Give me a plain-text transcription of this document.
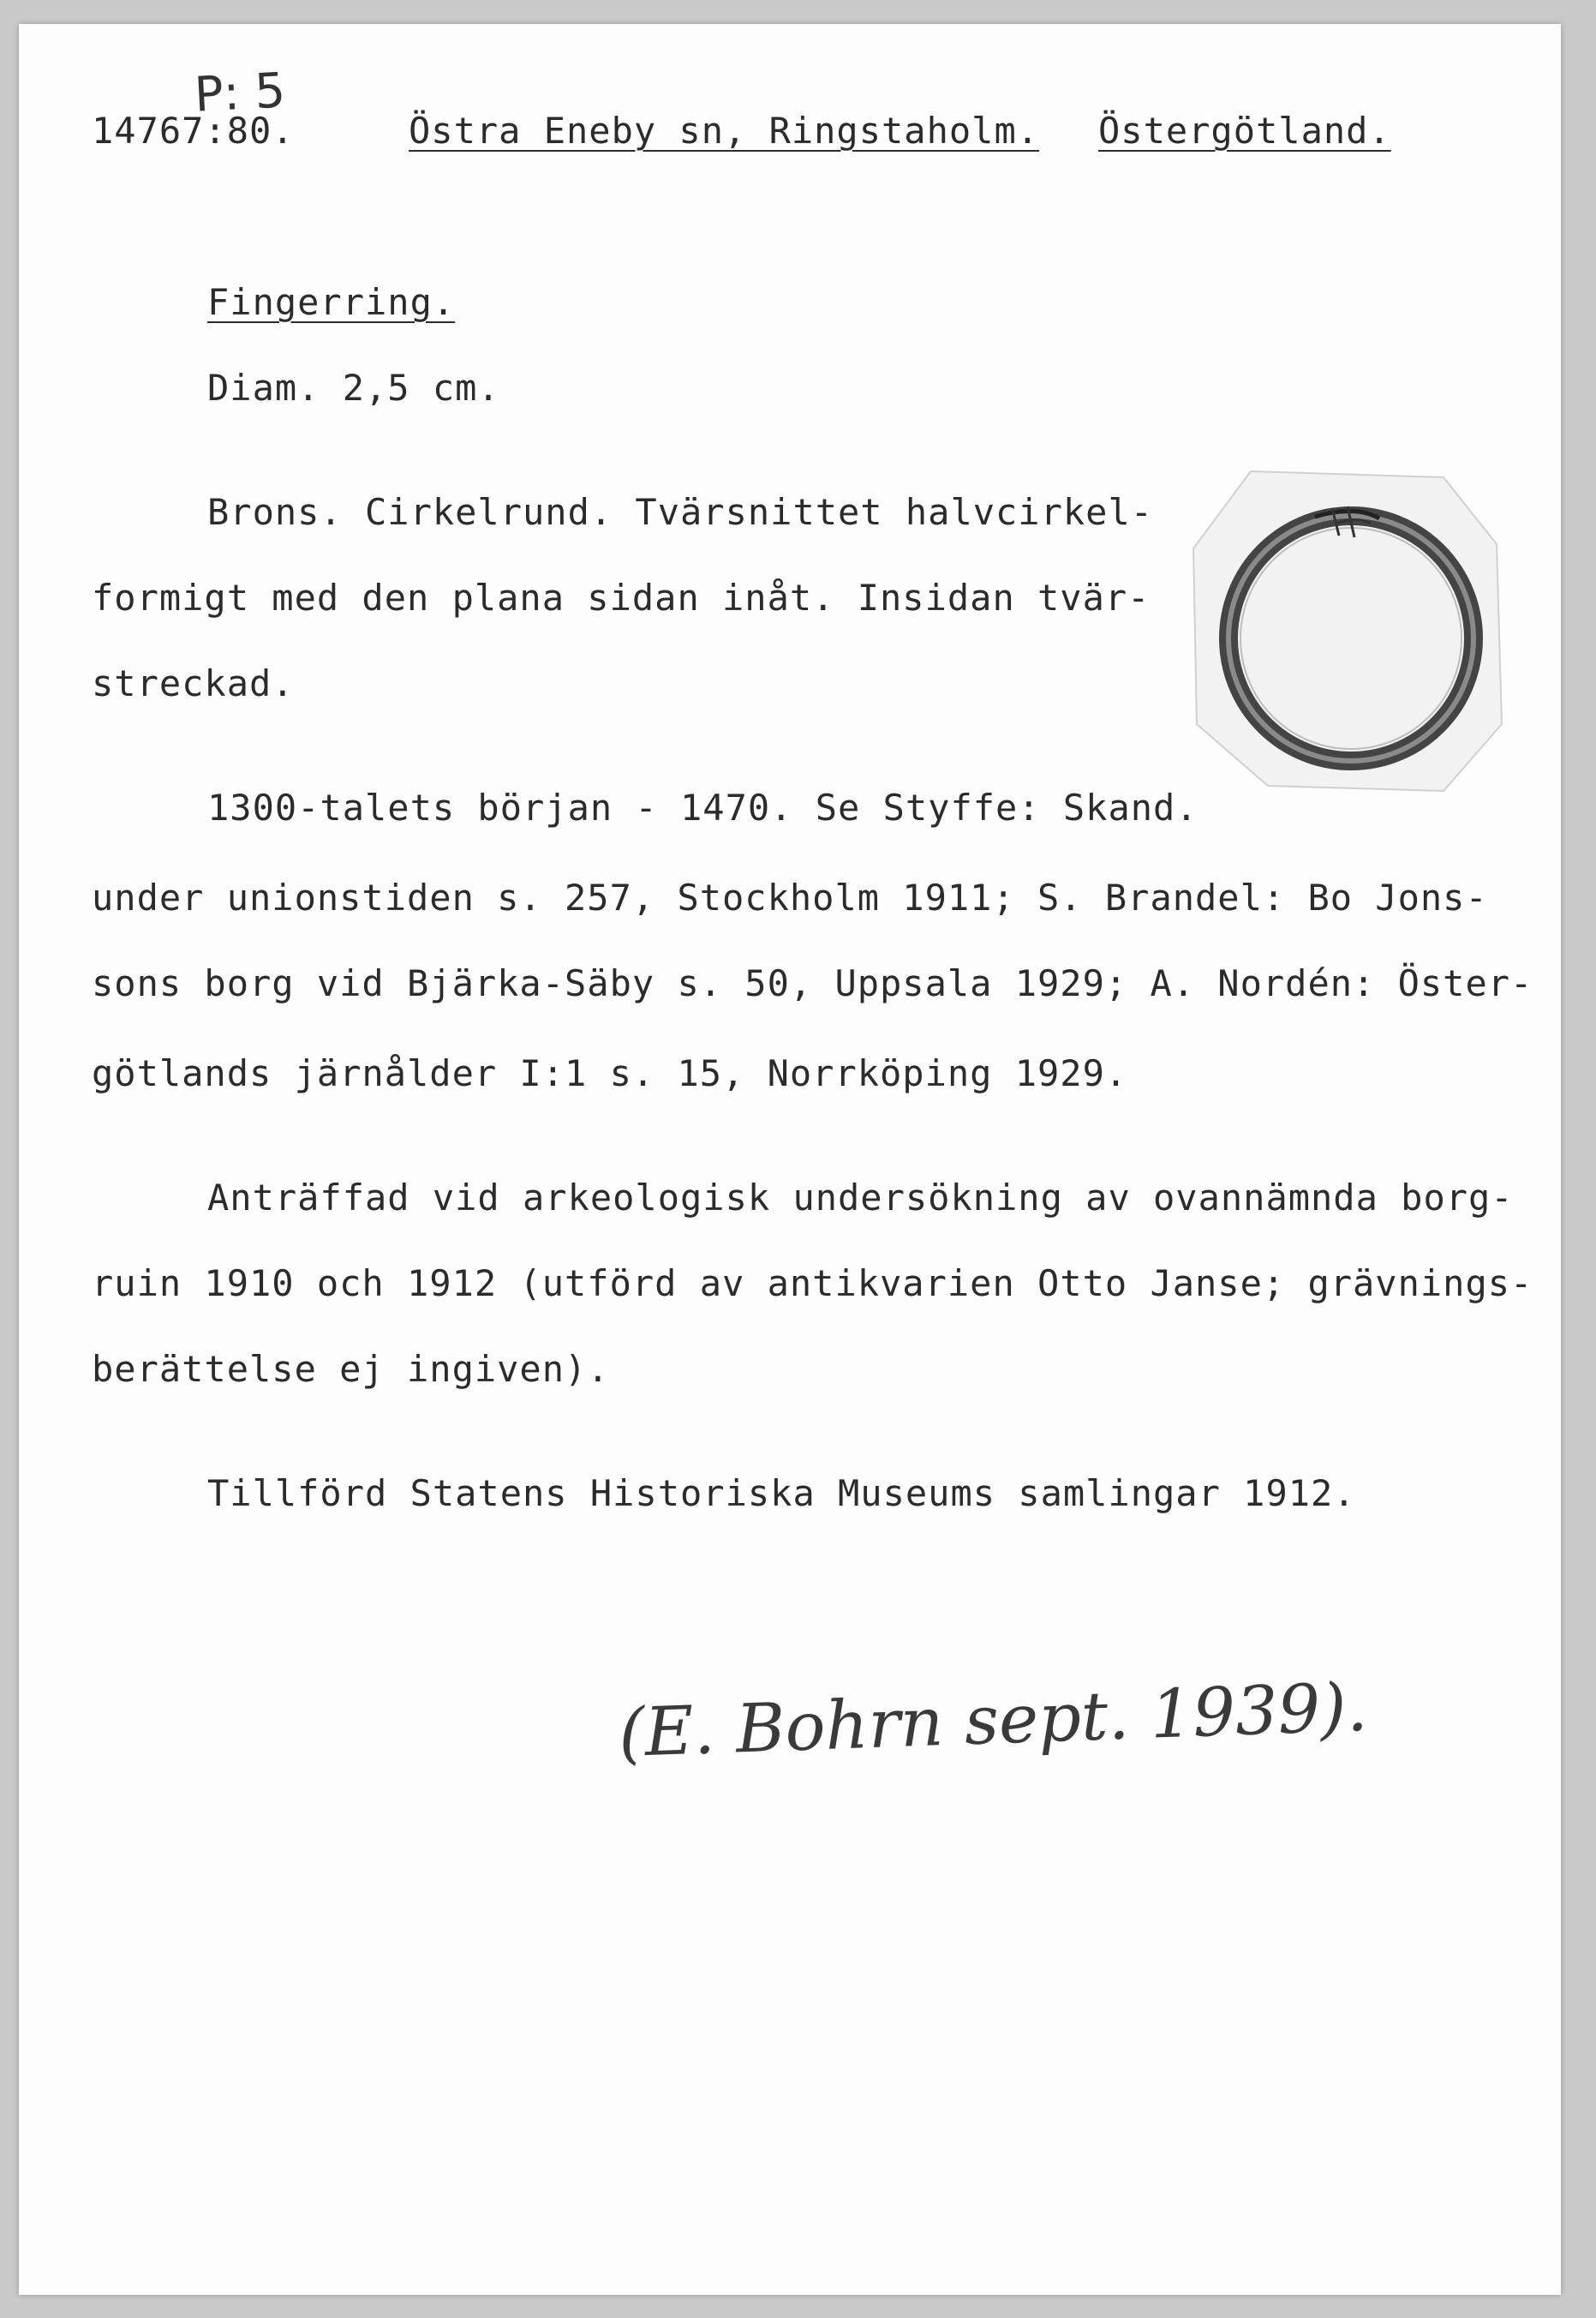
P: 5
14767:80.	Östra Eneby sn, Ringstaholm. Östergötland.
Fingerring.
Diam. 2,5 cm.
Brons. Cirkelrund. Tvärsnittet halvcirkel-
formigt med den plana sidan inåt. Insidan tvär-
streckad.
1300-talets början - 1470. Se Styffe: Skand.
under unionstiden s. 257, Stockholm 1911; S. Brandel: Bo Jons-
sons borg vid Bjärka-Säby s. 50, Uppsala 1929; A. Nordén: Öster-
götlands järnålder I:1 s. 15, Norrköping 1929.
Anträffad vid arkeologisk undersökning av ovannämnda borg-
ruin 1910 och 1912 (utförd av antikvarien Otto Janse; grävnings-
berättelse ej ingiven).
Tillförd Statens Historiska Museums samlingar 1912.
(E. Bohrn sept. 1939).
